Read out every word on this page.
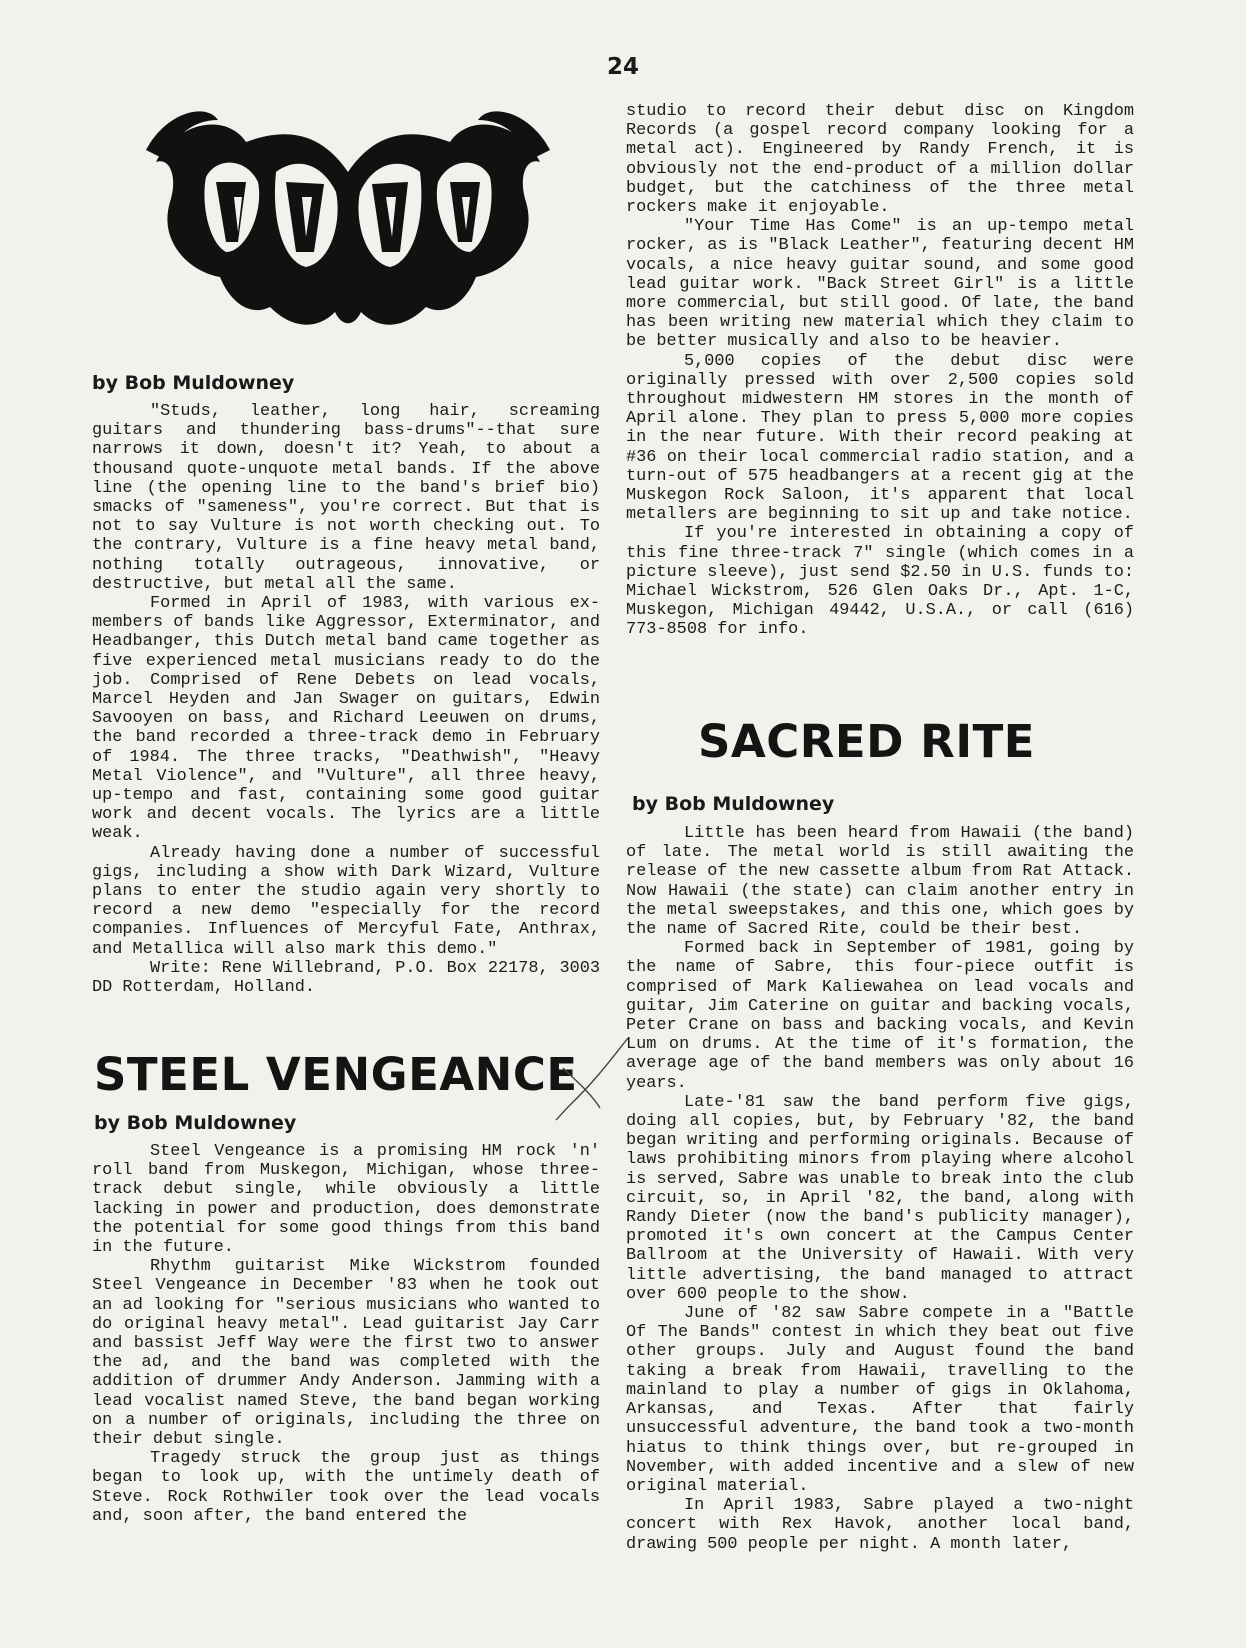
24

by Bob Muldowney

"Studs, leather, long hair, screaming guitars and thundering bass-drums"--that sure narrows it down, doesn't it? Yeah, to about a thousand quote-unquote metal bands. If the above line (the opening line to the band's brief bio) smacks of "sameness", you're correct. But that is not to say Vulture is not worth checking out. To the contrary, Vulture is a fine heavy metal band, nothing totally outrageous, innovative, or destructive, but metal all the same.

Formed in April of 1983, with various ex-members of bands like Aggressor, Exterminator, and Headbanger, this Dutch metal band came together as five experienced metal musicians ready to do the job. Comprised of Rene Debets on lead vocals, Marcel Heyden and Jan Swager on guitars, Edwin Savooyen on bass, and Richard Leeuwen on drums, the band recorded a three-track demo in February of 1984. The three tracks, "Deathwish", "Heavy Metal Violence", and "Vulture", all three heavy, up-tempo and fast, containing some good guitar work and decent vocals. The lyrics are a little weak.

Already having done a number of successful gigs, including a show with Dark Wizard, Vulture plans to enter the studio again very shortly to record a new demo "especially for the record companies. Influences of Mercyful Fate, Anthrax, and Metallica will also mark this demo."

Write: Rene Willebrand, P.O. Box 22178, 3003 DD Rotterdam, Holland.

STEEL VENGEANCE

by Bob Muldowney

Steel Vengeance is a promising HM rock 'n' roll band from Muskegon, Michigan, whose three-track debut single, while obviously a little lacking in power and production, does demonstrate the potential for some good things from this band in the future.

Rhythm guitarist Mike Wickstrom founded Steel Vengeance in December '83 when he took out an ad looking for "serious musicians who wanted to do original heavy metal". Lead guitarist Jay Carr and bassist Jeff Way were the first two to answer the ad, and the band was completed with the addition of drummer Andy Anderson. Jamming with a lead vocalist named Steve, the band began working on a number of originals, including the three on their debut single.

Tragedy struck the group just as things began to look up, with the untimely death of Steve. Rock Rothwiler took over the lead vocals and, soon after, the band entered the

studio to record their debut disc on Kingdom Records (a gospel record company looking for a metal act). Engineered by Randy French, it is obviously not the end-product of a million dollar budget, but the catchiness of the three metal rockers make it enjoyable.

"Your Time Has Come" is an up-tempo metal rocker, as is "Black Leather", featuring decent HM vocals, a nice heavy guitar sound, and some good lead guitar work. "Back Street Girl" is a little more commercial, but still good. Of late, the band has been writing new material which they claim to be better musically and also to be heavier.

5,000 copies of the debut disc were originally pressed with over 2,500 copies sold throughout midwestern HM stores in the month of April alone. They plan to press 5,000 more copies in the near future. With their record peaking at #36 on their local commercial radio station, and a turn-out of 575 headbangers at a recent gig at the Muskegon Rock Saloon, it's apparent that local metallers are beginning to sit up and take notice.

If you're interested in obtaining a copy of this fine three-track 7" single (which comes in a picture sleeve), just send $2.50 in U.S. funds to: Michael Wickstrom, 526 Glen Oaks Dr., Apt. 1-C, Muskegon, Michigan 49442, U.S.A., or call (616) 773-8508 for info.

SACRED RITE

by Bob Muldowney

Little has been heard from Hawaii (the band) of late. The metal world is still awaiting the release of the new cassette album from Rat Attack. Now Hawaii (the state) can claim another entry in the metal sweepstakes, and this one, which goes by the name of Sacred Rite, could be their best.

Formed back in September of 1981, going by the name of Sabre, this four-piece outfit is comprised of Mark Kaliewahea on lead vocals and guitar, Jim Caterine on guitar and backing vocals, Peter Crane on bass and backing vocals, and Kevin Lum on drums. At the time of it's formation, the average age of the band members was only about 16 years.

Late-'81 saw the band perform five gigs, doing all copies, but, by February '82, the band began writing and performing originals. Because of laws prohibiting minors from playing where alcohol is served, Sabre was unable to break into the club circuit, so, in April '82, the band, along with Randy Dieter (now the band's publicity manager), promoted it's own concert at the Campus Center Ballroom at the University of Hawaii. With very little advertising, the band managed to attract over 600 people to the show.

June of '82 saw Sabre compete in a "Battle Of The Bands" contest in which they beat out five other groups. July and August found the band taking a break from Hawaii, travelling to the mainland to play a number of gigs in Oklahoma, Arkansas, and Texas. After that fairly unsuccessful adventure, the band took a two-month hiatus to think things over, but re-grouped in November, with added incentive and a slew of new original material.

In April 1983, Sabre played a two-night concert with Rex Havok, another local band, drawing 500 people per night. A month later,
